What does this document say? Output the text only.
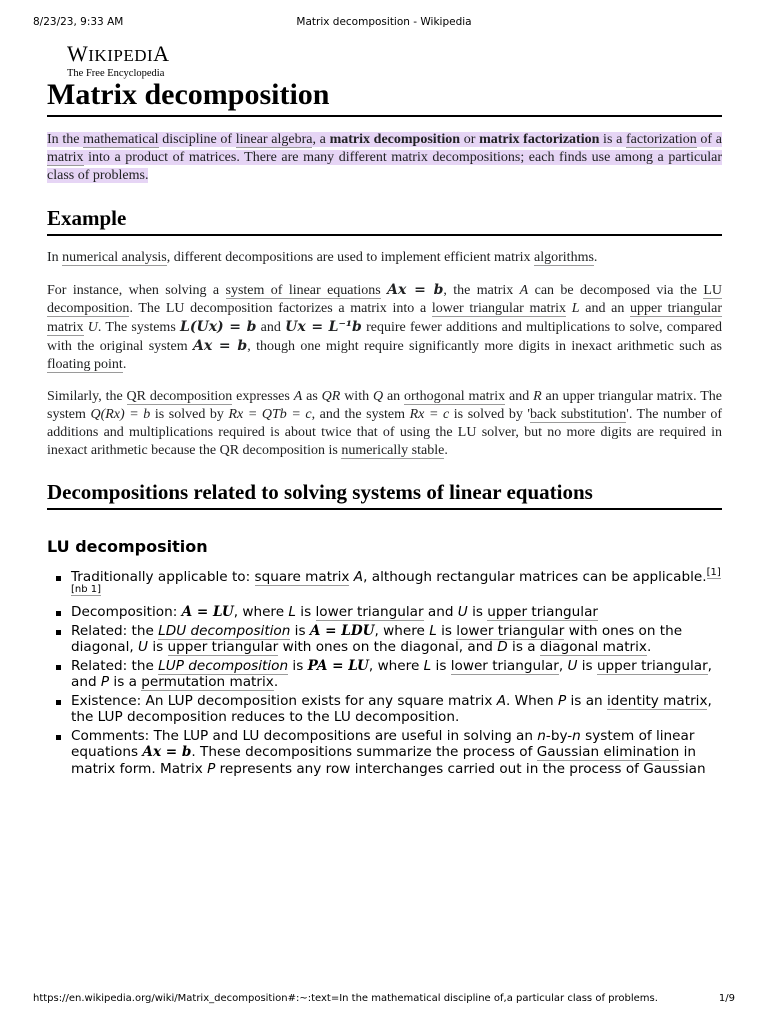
8/23/23, 9:33 AM	Matrix decomposition - Wikipedia
WIKIPEDIA
The Free Encyclopedia
Matrix decomposition

In the mathematical discipline of linear algebra, a matrix decomposition or matrix factorization is a factorization of a matrix into a product of matrices. There are many different matrix decompositions; each finds use among a particular class of problems.

Example

In numerical analysis, different decompositions are used to implement efficient matrix algorithms.

For instance, when solving a system of linear equations Ax = b, the matrix A can be decomposed via the LU decomposition. The LU decomposition factorizes a matrix into a lower triangular matrix L and an upper triangular matrix U. The systems L(Ux) = b and Ux = L⁻¹b require fewer additions and multiplications to solve, compared with the original system Ax = b, though one might require significantly more digits in inexact arithmetic such as floating point.

Similarly, the QR decomposition expresses A as QR with Q an orthogonal matrix and R an upper triangular matrix. The system Q(Rx) = b is solved by Rx = QTb = c, and the system Rx = c is solved by 'back substitution'. The number of additions and multiplications required is about twice that of using the LU solver, but no more digits are required in inexact arithmetic because the QR decomposition is numerically stable.

Decompositions related to solving systems of linear equations
LU decomposition
Traditionally applicable to: square matrix A, although rectangular matrices can be applicable.[1][nb 1]
Decomposition: A = LU, where L is lower triangular and U is upper triangular
Related: the LDU decomposition is A = LDU, where L is lower triangular with ones on the diagonal, U is upper triangular with ones on the diagonal, and D is a diagonal matrix.
Related: the LUP decomposition is PA = LU, where L is lower triangular, U is upper triangular, and P is a permutation matrix.
Existence: An LUP decomposition exists for any square matrix A. When P is an identity matrix, the LUP decomposition reduces to the LU decomposition.
Comments: The LUP and LU decompositions are useful in solving an n-by-n system of linear equations Ax = b. These decompositions summarize the process of Gaussian elimination in matrix form. Matrix P represents any row interchanges carried out in the process of Gaussian
https://en.wikipedia.org/wiki/Matrix_decomposition#:~:text=In the mathematical discipline of,a particular class of problems.	1/9
